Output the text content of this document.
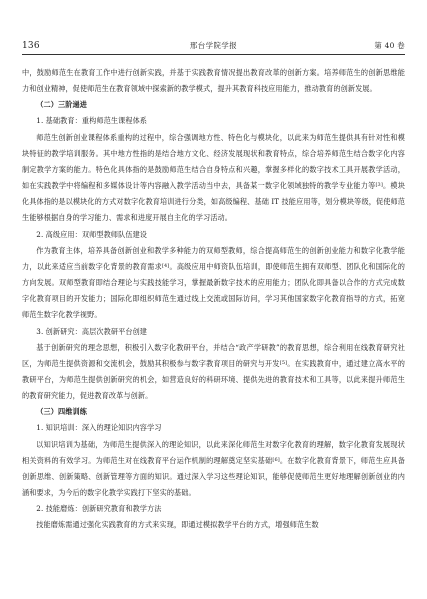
136	邢台学院学报	第 40 卷

中，鼓励师范生在教育工作中进行创新实践，并基于实践教育情况提出教育改革的创新方案。培养师范生的创新思维能力和创业精神，促使师范生在教育领域中探索新的教学模式，提升其教育科技应用能力，推动教育的创新发展。

（二）三阶递进
1. 基础教育：重构师范生课程体系

师范生创新创业课程体系重构的过程中，综合强调地方性、特色化与模块化，以此来为师范生提供具有针对性和模块特征的教学培训服务。其中地方性指的是结合地方文化、经济发展现状和教育特点，综合培养师范生结合数字化内容制定教学方案的能力。特色化具体指的是鼓励师范生结合自身特点和兴趣，掌握多样化的数字技术工具开展教学活动，如在实践教学中将编程和多媒体设计等内容融入教学活动当中去，具备某一数字化领域独特的教学专业能力等[3]。模块化具体指的是以模块化的方式对数字化教育培训进行分类，如高级编程、基础 IT 技能应用等，划分模块等级，促使师范生能够根据自身的学习能力、需求和进度开展自主化的学习活动。

2. 高级应用：双师型教师队伍建设

作为教育主体，培养具备创新创业和教学多种能力的双师型教师，综合提高师范生的创新创业能力和数字化教学能力，以此来适应当前数字化背景的教育需求[4]。高级应用中师资队伍培训，即使师范生拥有双师型、团队化和国际化的方向发展。双师型教育即结合理论与实践技能学习，掌握最新数字技术的应用能力；团队化即具备以合作的方式完成数字化教育项目的开发能力；国际化即组织师范生通过线上交流或国际访问，学习其他国家数字化教育指导的方式，拓宽师范生数字化教学视野。

3. 创新研究：高层次教研平台创建

基于创新研究的理念思想，积极引入数字化教研平台，并结合“政产学研教”的教育思想，综合利用在线教育研究社区，为师范生提供资源和交流机会，鼓励其积极参与数字教育项目的研究与开发[5]。在实践教育中，通过建立高水平的教研平台，为师范生提供创新研究的机会，如营造良好的科研环境、提供先进的教育技术和工具等，以此来提升师范生的教育研究能力，促进教育改革与创新。

（三）四维训练
1. 知识培训：深入的理论知识内容学习

以知识培训为基础，为师范生提供深入的理论知识，以此来深化师范生对数字化教育的理解，数字化教育发展现状相关资料的有效学习。为师范生对在线教育平台运作机制的理解奠定坚实基础[6]。在数字化教育背景下，师范生应具备创新思维、创新策略、创新管理等方面的知识。通过深入学习这些理论知识，能够促使师范生更好地理解创新创业的内涵和要求，为今后的数字化教学实践打下坚实的基础。

2. 技能磨炼：创新研究教育和教学方法

技能磨炼需通过强化实践教育的方式来实现，即通过模拟教学平台的方式，增强师范生数
